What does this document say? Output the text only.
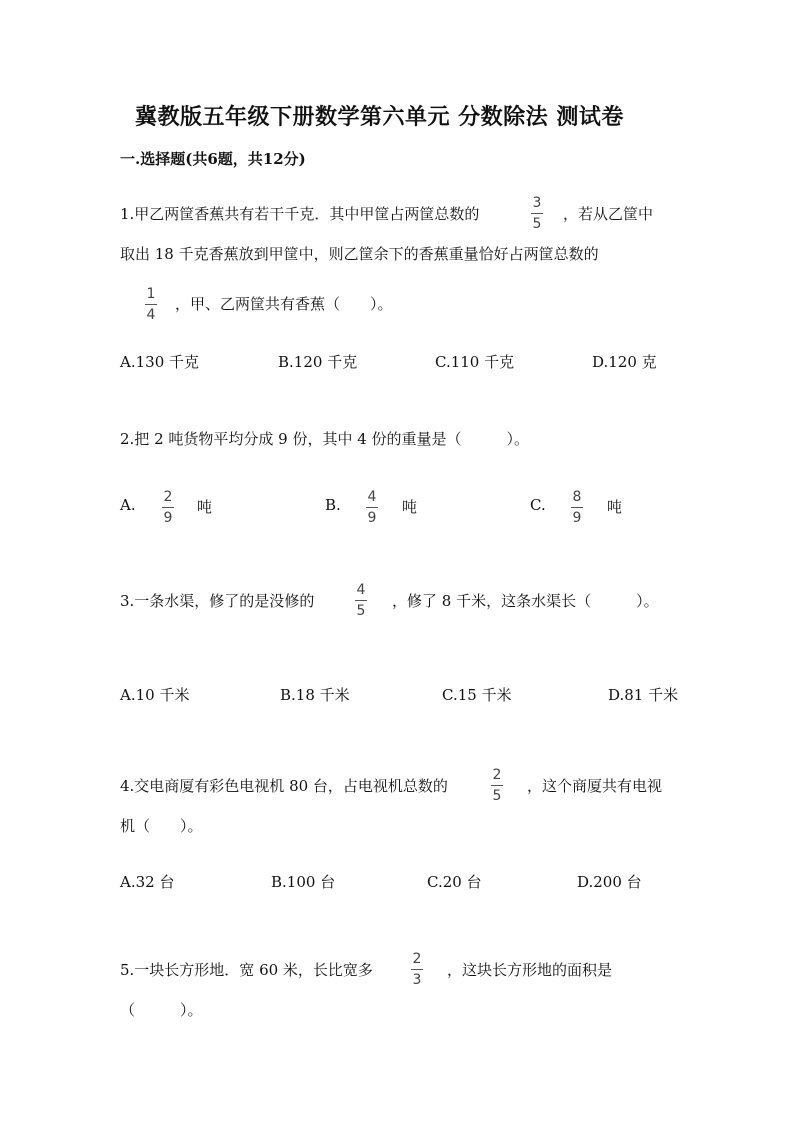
冀教版五年级下册数学第六单元 分数除法 测试卷
一.选择题(共6题，共12分)
1.甲乙两筐香蕉共有若干千克．其中甲筐占两筐总数的
3
5
，若从乙筐中
取出 18 千克香蕉放到甲筐中，则乙筐余下的香蕉重量恰好占两筐总数的
1
4
，甲、乙两筐共有香蕉（　　）。
A.130 千克	B.120 千克	C.110 千克	D.120 克
2.把 2 吨货物平均分成 9 份，其中 4 份的重量是（　　　）。
A. 2
9
吨	B. 4
9
吨	C. 8
9
吨
3.一条水渠，修了的是没修的
4
5
，修了 8 千米，这条水渠长（　　　）。
A.10 千米	B.18 千米	C.15 千米	D.81 千米
4.交电商厦有彩色电视机 80 台，占电视机总数的
2
5
，这个商厦共有电视
机（　　）。
A.32 台	B.100 台	C.20 台	D.200 台
5.一块长方形地．宽 60 米，长比宽多
2
3
，这块长方形地的面积是
（　　　）。
